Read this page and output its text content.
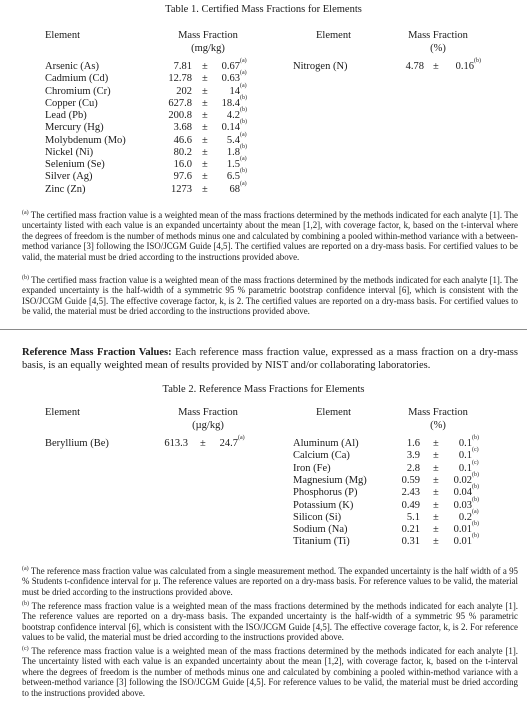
Table 1. Certified Mass Fractions for Elements
Element	Mass Fraction
(mg/kg)
Element	Mass Fraction
(%)
Arsenic (As)	7.81 ±	0.67 (a)
Cadmium (Cd)	12.78 ±	0.63 (a)
Chromium (Cr)	202 ±	14 (a)
Copper (Cu)	627.8 ±	18.4 (b)
Lead (Pb)	200.8 ±	4.2 (b)
Mercury (Hg)	3.68 ±	0.14 (b)
Molybdenum (Mo)	46.6 ±	5.4 (a)
Nickel (Ni)	80.2 ±	1.8 (b)
Selenium (Se)	16.0 ±	1.5 (a)
Silver (Ag)	97.6 ±	6.5 (b)
Zinc (Zn)	1273 ±	68 (a)
Nitrogen (N)	4.78 ±	0.16 (b)
$^{(a)}$ The certified mass fraction value is a weighted mean of the mass fractions determined by the methods indicated for each analyte [1]. The uncertainty listed with each value is an expanded uncertainty about the mean [1,2], with coverage factor, k, based on the t-interval where the degrees of freedom is the number of methods minus one and calculated by combining a pooled within-method variance with a between-method variance [3] following the ISO/JCGM Guide [4,5]. The certified values are reported on a dry-mass basis. For certified values to be valid, the material must be dried according to the instructions provided above.
$^{(b)}$ The certified mass fraction value is a weighted mean of the mass fractions determined by the methods indicated for each analyte [1]. The expanded uncertainty is the half-width of a symmetric 95 % parametric bootstrap confidence interval [6], which is consistent with the ISO/JCGM Guide [4,5]. The effective coverage factor, k, is 2. The certified values are reported on a dry-mass basis. For certified values to be valid, the material must be dried according to the instructions provided above.
Reference Mass Fraction Values: Each reference mass fraction value, expressed as a mass fraction on a dry-mass basis, is an equally weighted mean of results provided by NIST and/or collaborating laboratories.
Table 2. Reference Mass Fractions for Elements
Element	Mass Fraction
(µg/kg)
Element	Mass Fraction
(%)
Beryllium (Be)	613.3 ±	24.7 (a)	Aluminum (Al)	1.6 ±	0.1 (b)
Calcium (Ca)	3.9 ±	0.1 (c)
Iron (Fe)	2.8 ±	0.1 (c)
Magnesium (Mg)	0.59 ±	0.02 (b)
Phosphorus (P)	2.43 ±	0.04 (b)
Potassium (K)	0.49 ±	0.03 (b)
Silicon (Si)	5.1 ±	0.2 (a)
Sodium (Na)	0.21 ±	0.01 (b)
Titanium (Ti)	0.31 ±	0.01 (b)
$^{(a)}$ The reference mass fraction value was calculated from a single measurement method. The expanded uncertainty is the half width of a 95 % Students t-confidence interval for µ. The reference values are reported on a dry-mass basis. For reference values to be valid, the material must be dried according to the instructions provided above.
$^{(b)}$ The reference mass fraction value is a weighted mean of the mass fractions determined by the methods indicated for each analyte [1]. The reference values are reported on a dry-mass basis. The expanded uncertainty is the half-width of a symmetric 95 % parametric bootstrap confidence interval [6], which is consistent with the ISO/JCGM Guide [4,5]. The effective coverage factor, k, is 2. For reference values to be valid, the material must be dried according to the instructions provided above.
$^{(c)}$ The reference mass fraction value is a weighted mean of the mass fractions determined by the methods indicated for each analyte [1]. The uncertainty listed with each value is an expanded uncertainty about the mean [1,2], with coverage factor, k, based on the t-interval where the degrees of freedom is the number of methods minus one and calculated by combining a pooled within-method variance with a between-method variance [3] following the ISO/JCGM Guide [4,5]. For reference values to be valid, the material must be dried according to the instructions provided above.
